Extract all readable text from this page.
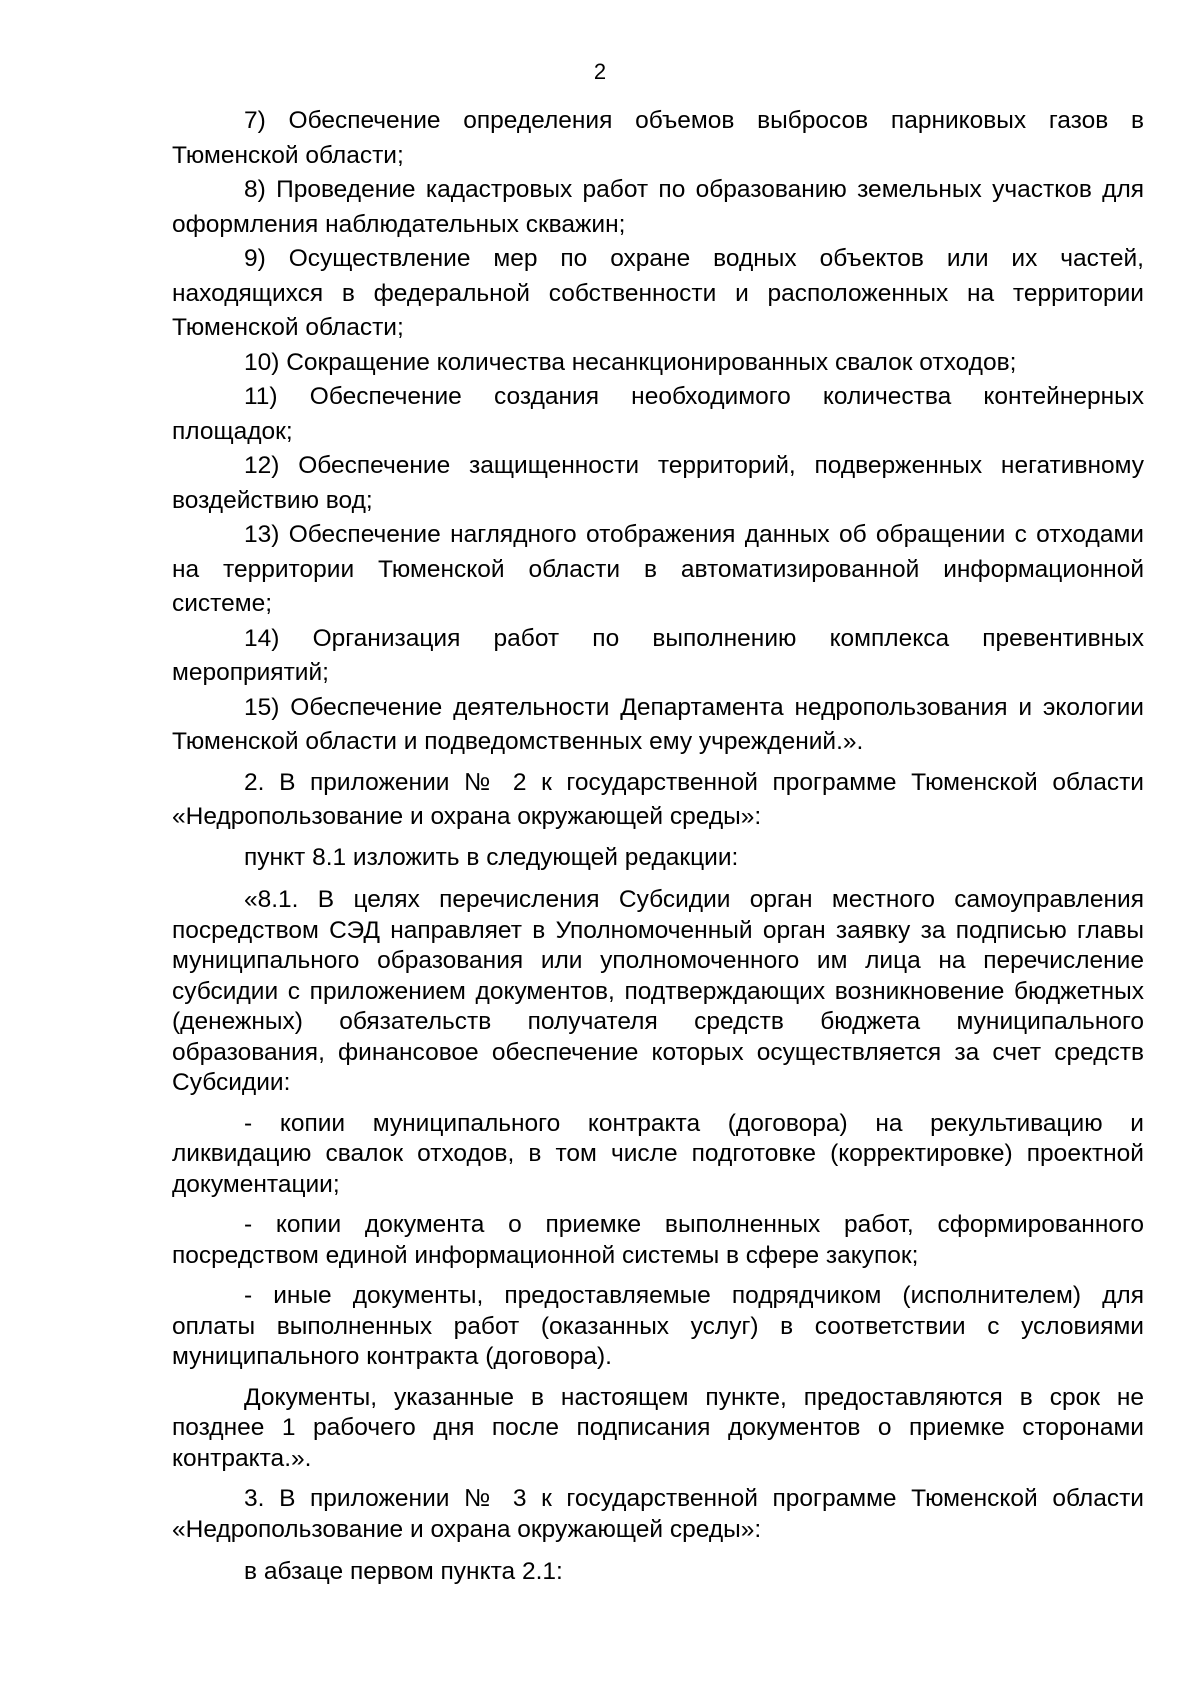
2

7) Обеспечение определения объемов выбросов парниковых газов в Тюменской области;

8) Проведение кадастровых работ по образованию земельных участков для оформления наблюдательных скважин;

9) Осуществление мер по охране водных объектов или их частей, находящихся в федеральной собственности и расположенных на территории Тюменской области;

10) Сокращение количества несанкционированных свалок отходов;

11) Обеспечение создания необходимого количества контейнерных площадок;

12) Обеспечение защищенности территорий, подверженных негативному воздействию вод;

13) Обеспечение наглядного отображения данных об обращении с отходами на территории Тюменской области в автоматизированной информационной системе;

14) Организация работ по выполнению комплекса превентивных мероприятий;

15) Обеспечение деятельности Департамента недропользования и экологии Тюменской области и подведомственных ему учреждений.».

2. В приложении № 2 к государственной программе Тюменской области «Недропользование и охрана окружающей среды»:

пункт 8.1 изложить в следующей редакции:

«8.1. В целях перечисления Субсидии орган местного самоуправления посредством СЭД направляет в Уполномоченный орган заявку за подписью главы муниципального образования или уполномоченного им лица на перечисление субсидии с приложением документов, подтверждающих возникновение бюджетных (денежных) обязательств получателя средств бюджета муниципального образования, финансовое обеспечение которых осуществляется за счет средств Субсидии:

- копии муниципального контракта (договора) на рекультивацию и ликвидацию свалок отходов, в том числе подготовке (корректировке) проектной документации;

- копии документа о приемке выполненных работ, сформированного посредством единой информационной системы в сфере закупок;

- иные документы, предоставляемые подрядчиком (исполнителем) для оплаты выполненных работ (оказанных услуг) в соответствии с условиями муниципального контракта (договора).

Документы, указанные в настоящем пункте, предоставляются в срок не позднее 1 рабочего дня после подписания документов о приемке сторонами контракта.».

3. В приложении № 3 к государственной программе Тюменской области «Недропользование и охрана окружающей среды»:

в абзаце первом пункта 2.1:
